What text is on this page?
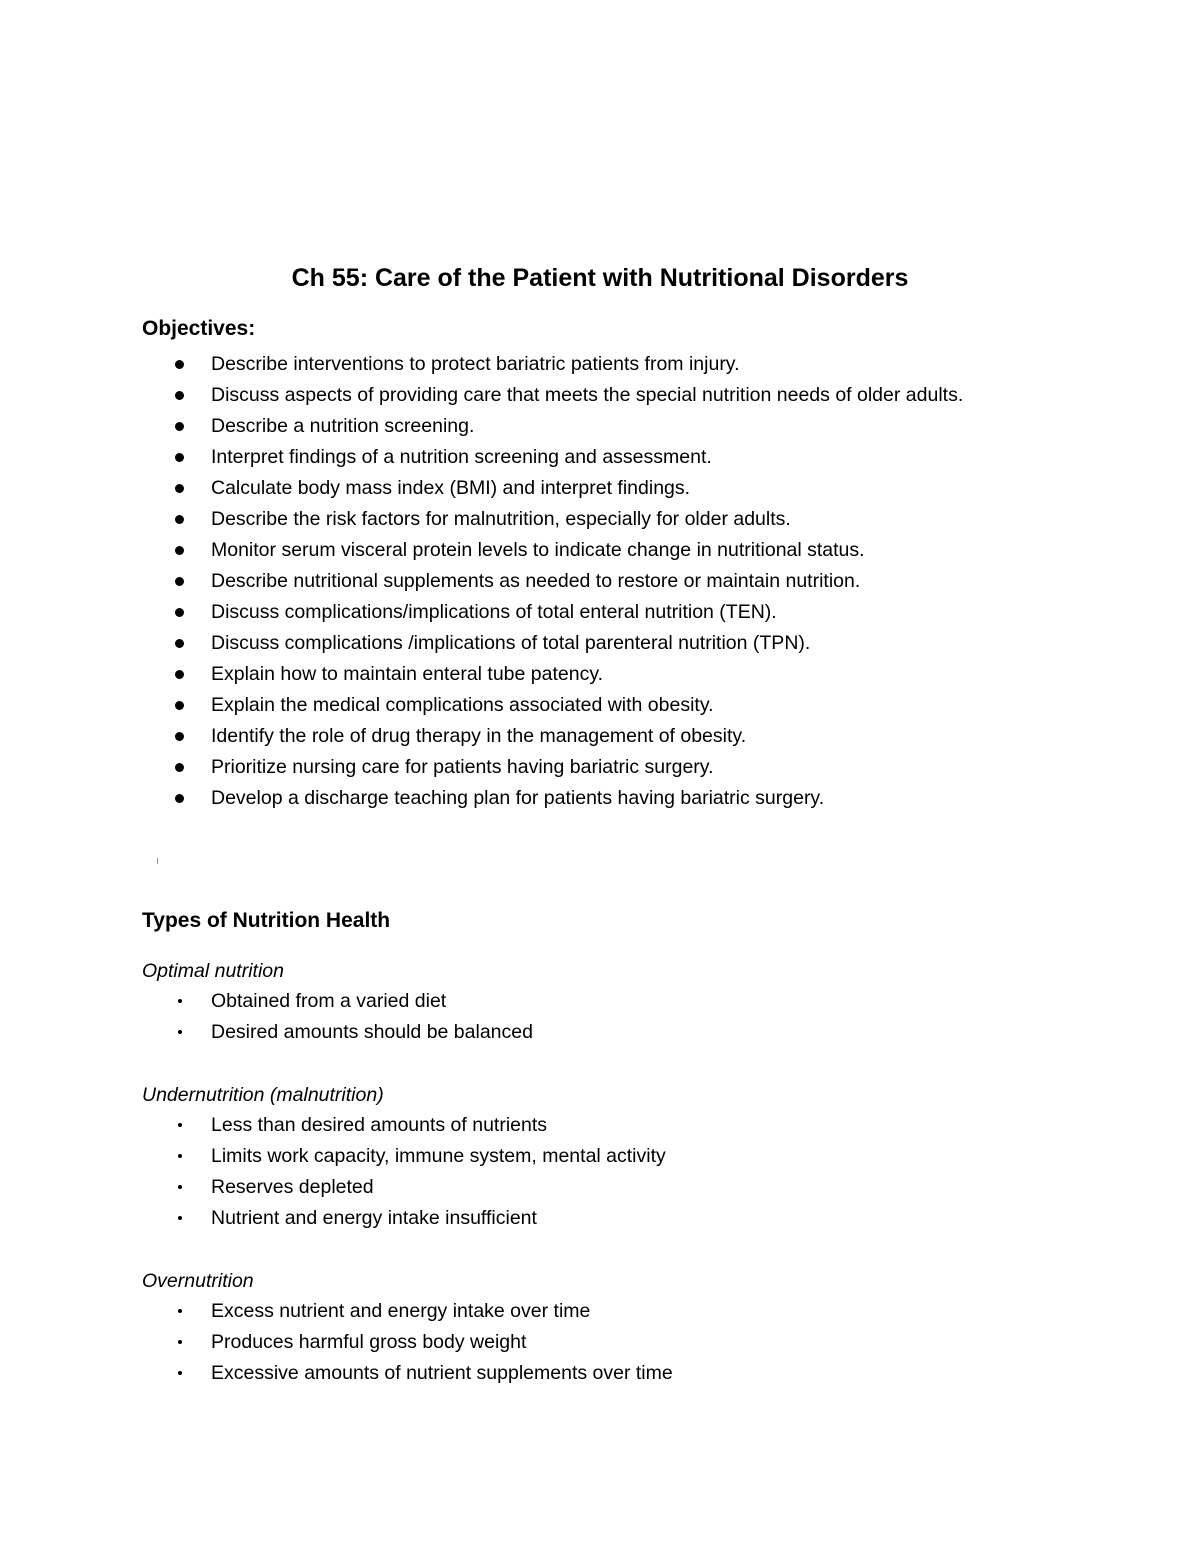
Ch 55: Care of the Patient with Nutritional Disorders
Objectives:
Describe interventions to protect bariatric patients from injury.
Discuss aspects of providing care that meets the special nutrition needs of older adults.
Describe a nutrition screening.
Interpret findings of a nutrition screening and assessment.
Calculate body mass index (BMI) and interpret findings.
Describe the risk factors for malnutrition, especially for older adults.
Monitor serum visceral protein levels to indicate change in nutritional status.
Describe nutritional supplements as needed to restore or maintain nutrition.
Discuss complications/implications of total enteral nutrition (TEN).
Discuss complications /implications of total parenteral nutrition (TPN).
Explain how to maintain enteral tube patency.
Explain the medical complications associated with obesity.
Identify the role of drug therapy in the management of obesity.
Prioritize nursing care for patients having bariatric surgery.
Develop a discharge teaching plan for patients having bariatric surgery.
Types of Nutrition Health
Optimal nutrition
Obtained from a varied diet
Desired amounts should be balanced
Undernutrition (malnutrition)
Less than desired amounts of nutrients
Limits work capacity, immune system, mental activity
Reserves depleted
Nutrient and energy intake insufficient
Overnutrition
Excess nutrient and energy intake over time
Produces harmful gross body weight
Excessive amounts of nutrient supplements over time
